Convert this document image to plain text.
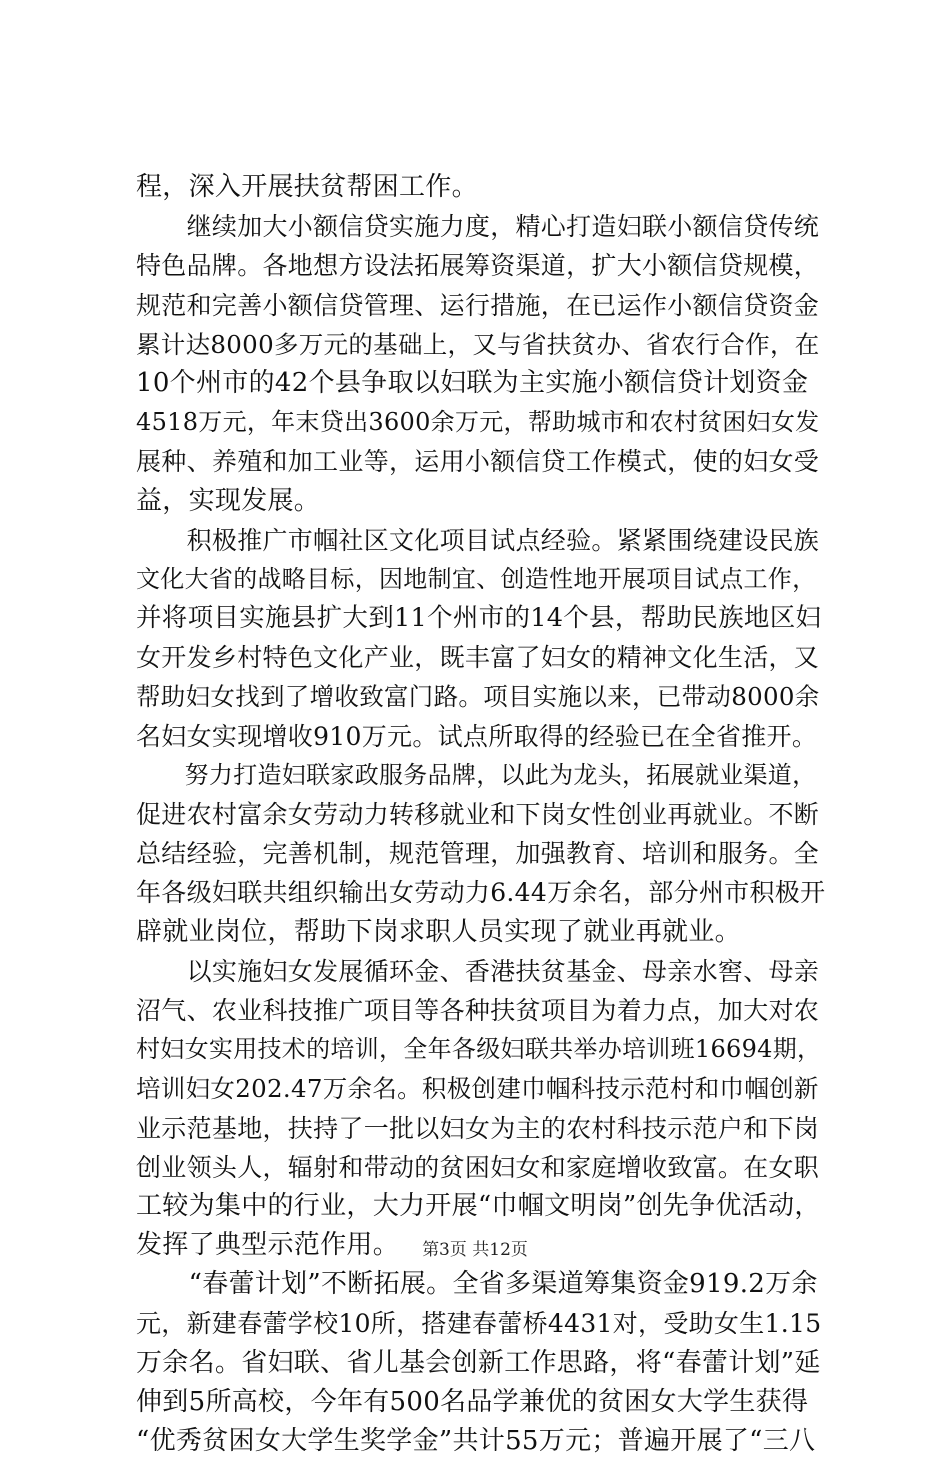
程，深入开展扶贫帮困工作。
　　继续加大小额信贷实施力度，精心打造妇联小额信贷传统
特色品牌。各地想方设法拓展筹资渠道，扩大小额信贷规模，
规范和完善小额信贷管理、运行措施，在已运作小额信贷资金
累计达8000多万元的基础上，又与省扶贫办、省农行合作，在
10个州市的42个县争取以妇联为主实施小额信贷计划资金
4518万元，年末贷出3600余万元，帮助城市和农村贫困妇女发
展种、养殖和加工业等，运用小额信贷工作模式，使的妇女受
益，实现发展。
　　积极推广市帼社区文化项目试点经验。紧紧围绕建设民族
文化大省的战略目标，因地制宜、创造性地开展项目试点工作，
并将项目实施县扩大到11个州市的14个县，帮助民族地区妇
女开发乡村特色文化产业，既丰富了妇女的精神文化生活，又
帮助妇女找到了增收致富门路。项目实施以来，已带动8000余
名妇女实现增收910万元。试点所取得的经验已在全省推开。
　　努力打造妇联家政服务品牌，以此为龙头，拓展就业渠道，
促进农村富余女劳动力转移就业和下岗女性创业再就业。不断
总结经验，完善机制，规范管理，加强教育、培训和服务。全
年各级妇联共组织输出女劳动力6.44万余名，部分州市积极开
辟就业岗位，帮助下岗求职人员实现了就业再就业。
　　以实施妇女发展循环金、香港扶贫基金、母亲水窖、母亲
沼气、农业科技推广项目等各种扶贫项目为着力点，加大对农
村妇女实用技术的培训，全年各级妇联共举办培训班16694期，
培训妇女202.47万余名。积极创建巾帼科技示范村和巾帼创新
业示范基地，扶持了一批以妇女为主的农村科技示范户和下岗
创业领头人，辐射和带动的贫困妇女和家庭增收致富。在女职
工较为集中的行业，大力开展“巾帼文明岗”创先争优活动，
发挥了典型示范作用。
　　“春蕾计划”不断拓展。全省多渠道筹集资金919.2万余
元，新建春蕾学校10所，搭建春蕾桥4431对，受助女生1.15
万余名。省妇联、省儿基会创新工作思路，将“春蕾计划”延
伸到5所高校，今年有500名品学兼优的贫困女大学生获得
“优秀贫困女大学生奖学金”共计55万元；普遍开展了“三八
第3页 共12页
